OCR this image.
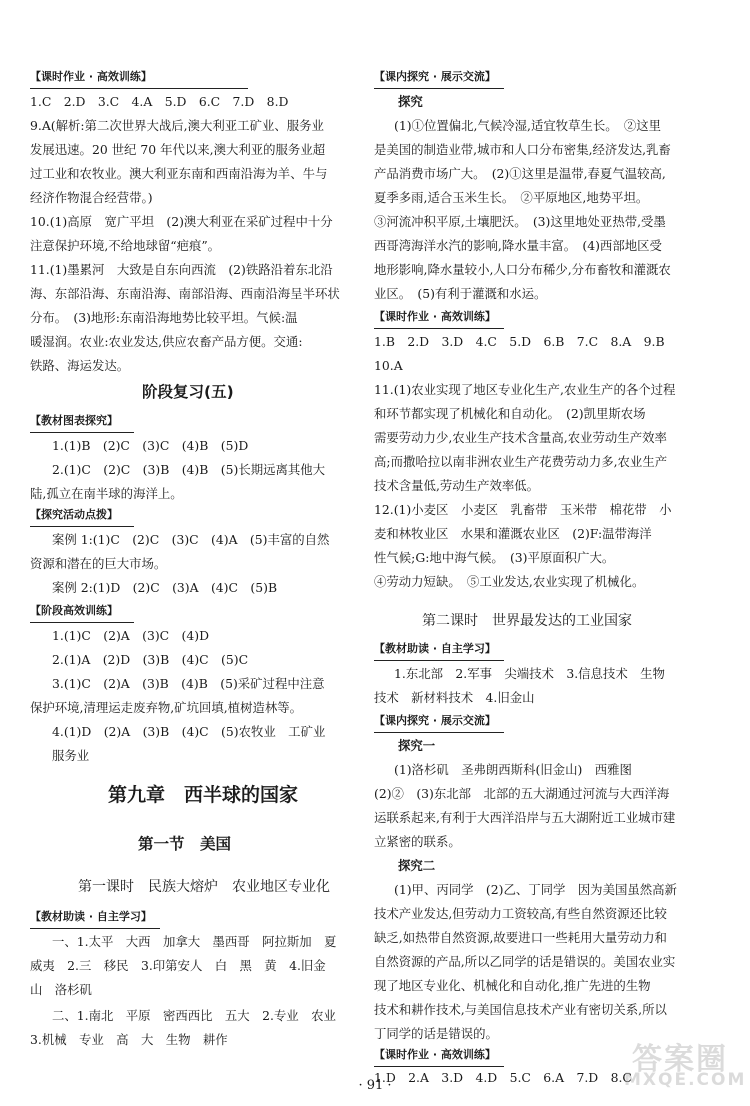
【课时作业 · 高效训练】
1.C　2.D　3.C　4.A　5.D　6.C　7.D　8.D
9.A(解析:第二次世界大战后,澳大利亚工矿业、服务业
发展迅速。20 世纪 70 年代以来,澳大利亚的服务业超
过工业和农牧业。澳大利亚东南和西南沿海为羊、牛与
经济作物混合经营带。)
10.(1)高原　宽广平坦　(2)澳大利亚在采矿过程中十分
注意保护环境,不给地球留“疤痕”。
11.(1)墨累河　大致是自东向西流　(2)铁路沿着东北沿
海、东部沿海、东南沿海、南部沿海、西南沿海呈半环状
分布。　(3)地形:东南沿海地势比较平坦。气候:温
暖湿润。农业:农业发达,供应农畜产品方便。交通:
铁路、海运发达。
阶段复习(五)
【教材图表探究】
1.(1)B　(2)C　(3)C　(4)B　(5)D
2.(1)C　(2)C　(3)B　(4)B　(5)长期远离其他大
陆,孤立在南半球的海洋上。
【探究活动点拨】
案例 1:(1)C　(2)C　(3)C　(4)A　(5)丰富的自然
资源和潜在的巨大市场。
案例 2:(1)D　(2)C　(3)A　(4)C　(5)B
【阶段高效训练】
1.(1)C　(2)A　(3)C　(4)D
2.(1)A　(2)D　(3)B　(4)C　(5)C
3.(1)C　(2)A　(3)B　(4)B　(5)采矿过程中注意
保护环境,清理运走废弃物,矿坑回填,植树造林等。
4.(1)D　(2)A　(3)B　(4)C　(5)农牧业　工矿业
服务业
第九章　西半球的国家
第一节　美国
第一课时　民族大熔炉　农业地区专业化
【教材助读 · 自主学习】
一、1.太平　大西　加拿大　墨西哥　阿拉斯加　夏
威夷　2.三　移民　3.印第安人　白　黑　黄　4.旧金
山　洛杉矶
二、1.南北　平原　密西西比　五大　2.专业　农业
3.机械　专业　高　大　生物　耕作
【课内探究 · 展示交流】
探究
(1)①位置偏北,气候冷湿,适宜牧草生长。　②这里
是美国的制造业带,城市和人口分布密集,经济发达,乳畜
产品消费市场广大。　(2)①这里是温带,春夏气温较高,
夏季多雨,适合玉米生长。　②平原地区,地势平坦。
③河流冲积平原,土壤肥沃。　(3)这里地处亚热带,受墨
西哥湾海洋水汽的影响,降水量丰富。　(4)西部地区受
地形影响,降水量较小,人口分布稀少,分布畜牧和灌溉农
业区。　(5)有利于灌溉和水运。
【课时作业 · 高效训练】
1.B　2.D　3.D　4.C　5.D　6.B　7.C　8.A　9.B
10.A
11.(1)农业实现了地区专业化生产,农业生产的各个过程
和环节都实现了机械化和自动化。　(2)凯里斯农场
需要劳动力少,农业生产技术含量高,农业劳动生产效率
高;而撒哈拉以南非洲农业生产花费劳动力多,农业生产
技术含量低,劳动生产效率低。
12.(1)小麦区　小麦区　乳畜带　玉米带　棉花带　小
麦和林牧业区　水果和灌溉农业区　(2)F:温带海洋
性气候;G:地中海气候。　(3)平原面积广大。
④劳动力短缺。　⑤工业发达,农业实现了机械化。
第二课时　世界最发达的工业国家
【教材助读 · 自主学习】
1.东北部　2.军事　尖端技术　3.信息技术　生物
技术　新材料技术　4.旧金山
【课内探究 · 展示交流】
探究一
(1)洛杉矶　圣弗朗西斯科(旧金山)　西雅图
(2)②　(3)东北部　北部的五大湖通过河流与大西洋海
运联系起来,有利于大西洋沿岸与五大湖附近工业城市建
立紧密的联系。
探究二
(1)甲、丙同学　(2)乙、丁同学　因为美国虽然高新
技术产业发达,但劳动力工资较高,有些自然资源还比较
缺乏,如热带自然资源,故要进口一些耗用大量劳动力和
自然资源的产品,所以乙同学的话是错误的。美国农业实
现了地区专业化、机械化和自动化,推广先进的生物
技术和耕作技术,与美国信息技术产业有密切关系,所以
丁同学的话是错误的。
【课时作业 · 高效训练】
1.D　2.A　3.D　4.D　5.C　6.A　7.D　8.C
· 91 ·
答案圈
MXQE.COM
